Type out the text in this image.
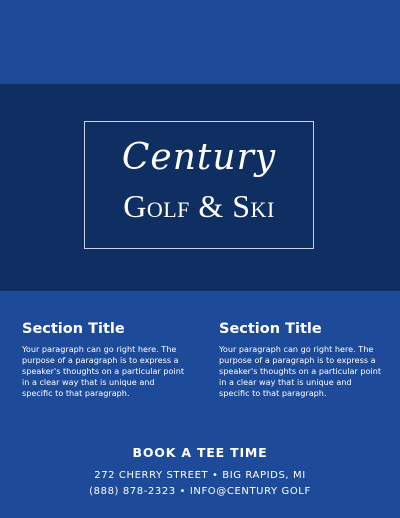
Century
Golf & Ski
Section Title

Your paragraph can go right here. The purpose of a paragraph is to express a speaker's thoughts on a particular point in a clear way that is unique and specific to that paragraph.

Section Title

Your paragraph can go right here. The purpose of a paragraph is to express a speaker's thoughts on a particular point in a clear way that is unique and specific to that paragraph.

BOOK A TEE TIME
272 CHERRY STREET • BIG RAPIDS, MI
(888) 878-2323 • INFO@CENTURY GOLF
